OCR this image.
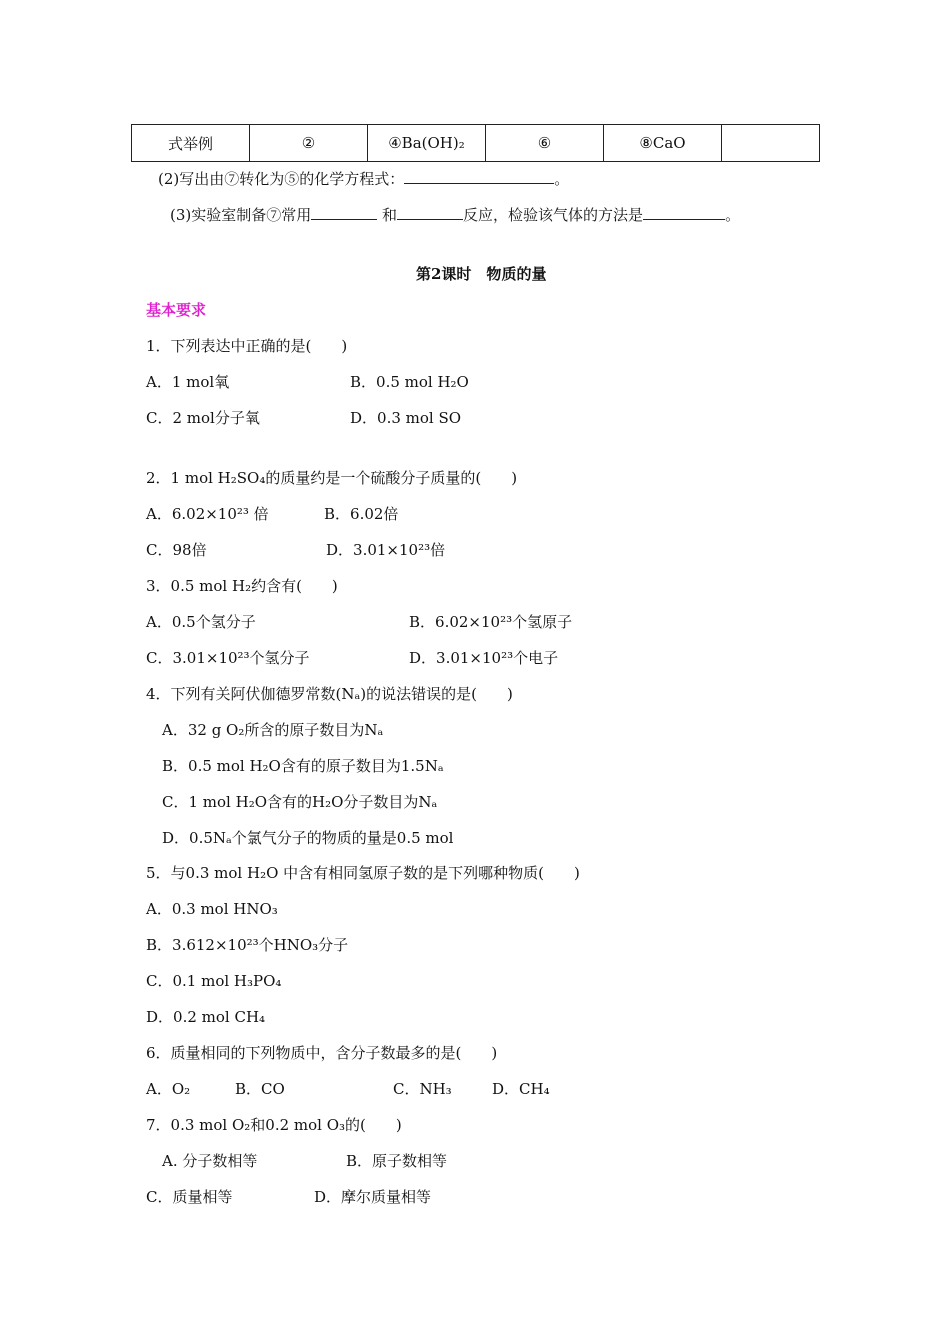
式举例	②	④Ba(OH)₂	⑥	⑧CaO	
(2)写出由⑦转化为⑤的化学方程式：	。
(3)实验室制备⑦常用	和	反应，检验该气体的方法是	。
第2课时　物质的量
基本要求
1．下列表达中正确的是(　　)
A．1 mol氧	B．0.5 mol H₂O
C．2 mol分子氧	D．0.3 mol SO
2．1 mol H₂SO₄的质量约是一个硫酸分子质量的(　　)
A．6.02×10²³ 倍	B．6.02倍
C．98倍	D．3.01×10²³倍
3．0.5 mol H₂约含有(　　)
A．0.5个氢分子	B．6.02×10²³个氢原子
C．3.01×10²³个氢分子	D．3.01×10²³个电子
4．下列有关阿伏伽德罗常数(Nₐ)的说法错误的是(　　)
A．32 g O₂所含的原子数目为Nₐ
B．0.5 mol H₂O含有的原子数目为1.5Nₐ
C．1 mol H₂O含有的H₂O分子数目为Nₐ
D．0.5Nₐ个氯气分子的物质的量是0.5 mol
5．与0.3 mol H₂O 中含有相同氢原子数的是下列哪种物质(　　)
A．0.3 mol HNO₃
B．3.612×10²³个HNO₃分子
C．0.1 mol H₃PO₄
D．0.2 mol CH₄
6．质量相同的下列物质中，含分子数最多的是(　　)
A．O₂	B．CO	C．NH₃	D．CH₄
7．0.3 mol O₂和0.2 mol O₃的(　　)
A. 分子数相等	B．原子数相等
C．质量相等	D．摩尔质量相等
